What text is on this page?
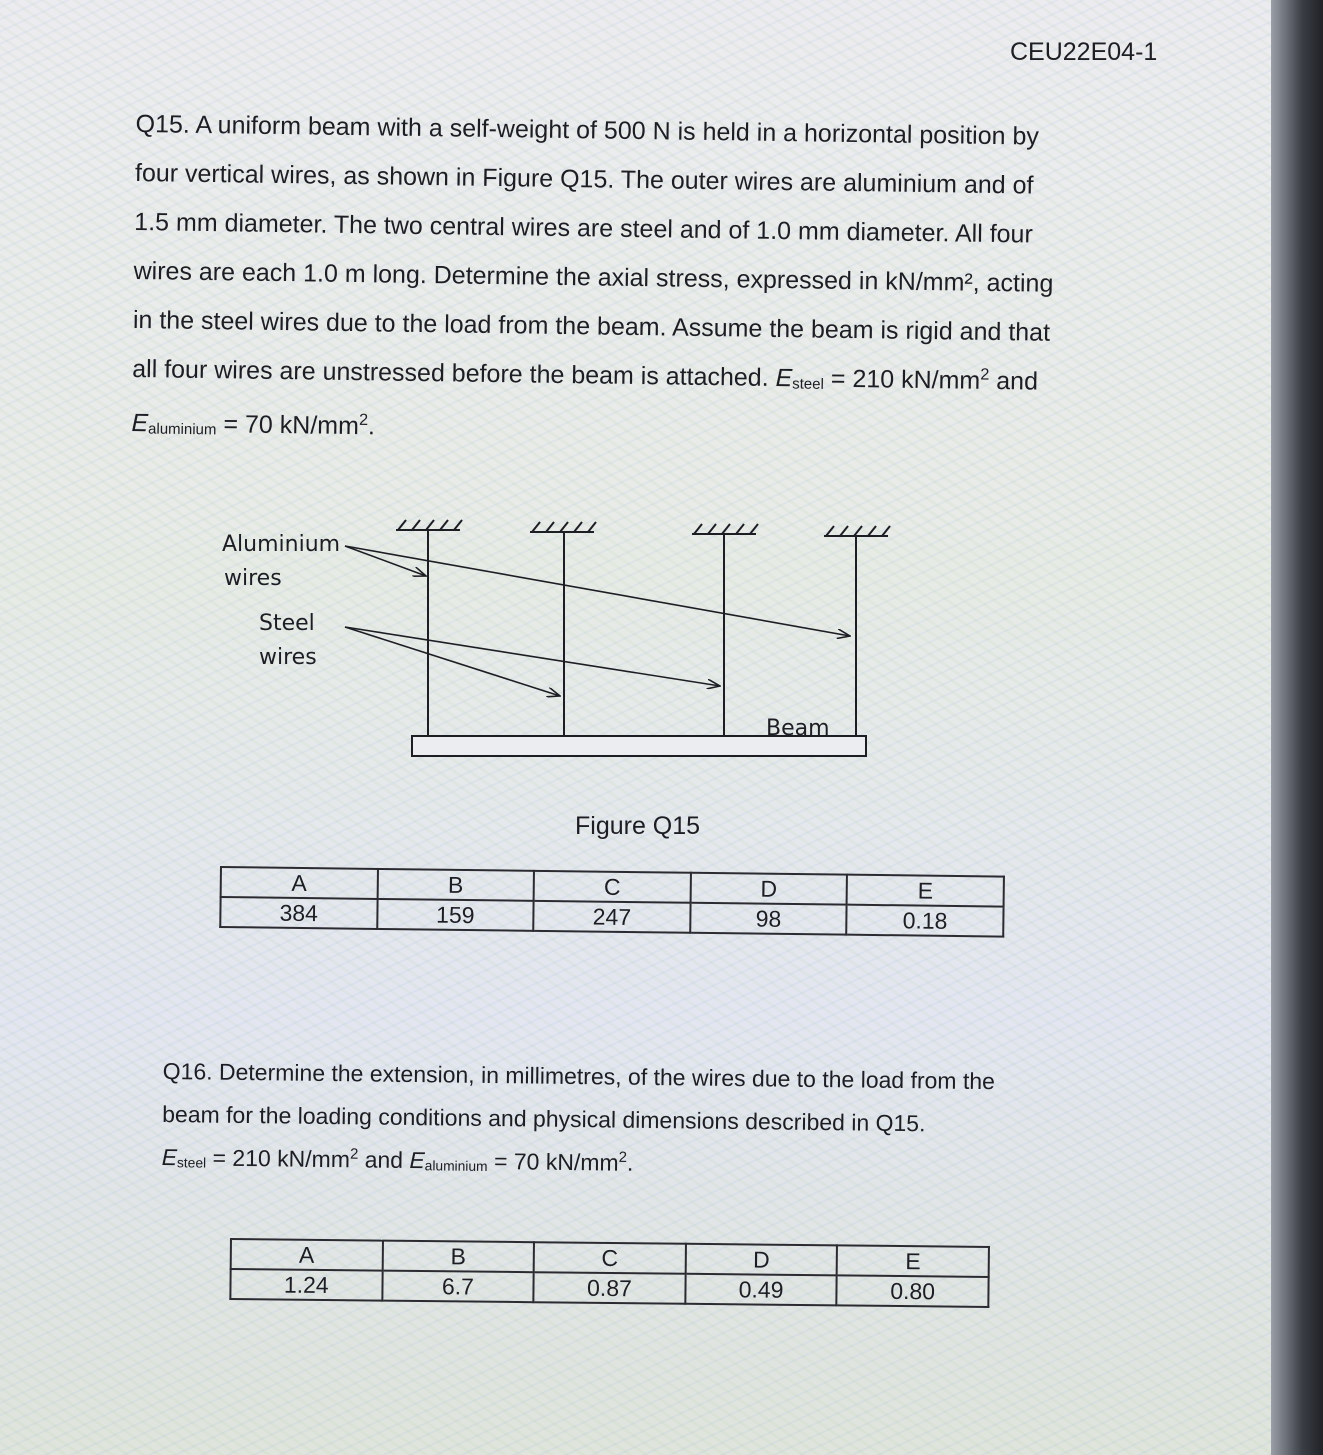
CEU22E04-1

Q15. A uniform beam with a self-weight of 500 N is held in a horizontal position by

four vertical wires, as shown in Figure Q15. The outer wires are aluminium and of

1.5 mm diameter. The two central wires are steel and of 1.0 mm diameter. All four

wires are each 1.0 m long. Determine the axial stress, expressed in kN/mm², acting

in the steel wires due to the load from the beam. Assume the beam is rigid and that

all four wires are unstressed before the beam is attached. $E_{steel} = 210$ $kN/mm^2$ and

$E_{aluminium} = 70$ $kN/mm^2$.

Aluminium
wires
Steel
wires
Beam
Figure Q15
A	B	C	D	E
384	159	247	98	0.18

Q16. Determine the extension, in millimetres, of the wires due to the load from the

beam for the loading conditions and physical dimensions described in Q15.

$E_{steel} = 210$ $kN/mm^2$ and $E_{aluminium} = 70$ $kN/mm^2$.

A	B	C	D	E
1.24	6.7	0.87	0.49	0.80
